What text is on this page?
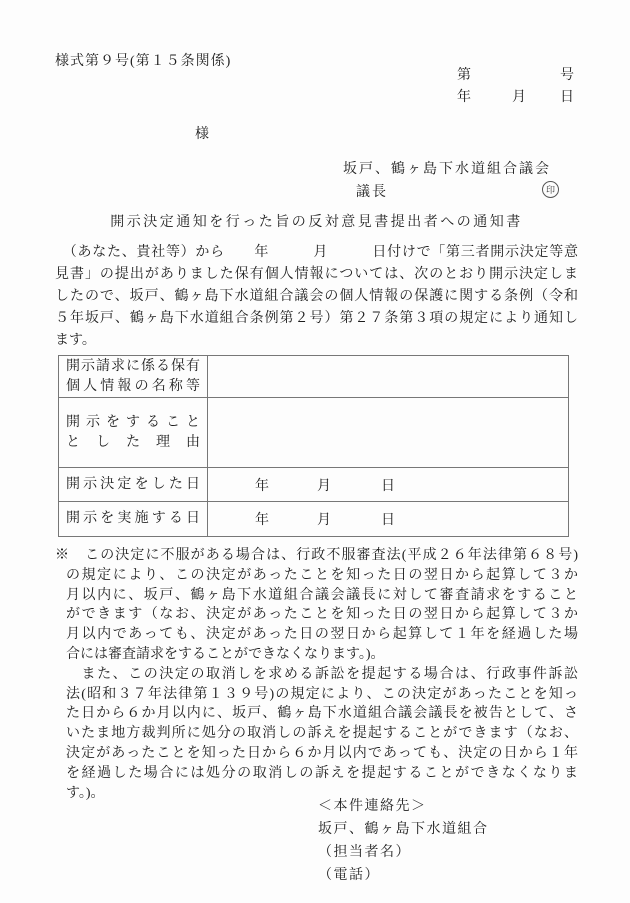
様式第９号(第１５条関係)
第	号
年	月 日
様
坂戸、鶴ヶ島下水道組合議会
議長	印
開示決定通知を行った旨の反対意見書提出者への通知書
　（あなた、貴社等）から　　年　　　月　　　日付けで「第三者開示決定等意
見書」の提出がありました保有個人情報については、次のとおり開示決定しま
したので、坂戸、鶴ヶ島下水道組合議会の個人情報の保護に関する条例（令和
５年坂戸、鶴ヶ島下水道組合条例第２号）第２７条第３項の規定により通知し
ます。
開示請求に係る保有
個人情報の名称等
開示をすること
とした理由
開示決定をした日	年	月	日
開示を実施する日	年	月	日
※　この決定に不服がある場合は、行政不服審査法(平成２６年法律第６８号)
の規定により、この決定があったことを知った日の翌日から起算して３か
月以内に、坂戸、鶴ヶ島下水道組合議会議長に対して審査請求をすること
ができます（なお、決定があったことを知った日の翌日から起算して３か
月以内であっても、決定があった日の翌日から起算して１年を経過した場
合には審査請求をすることができなくなります。)。
　また、この決定の取消しを求める訴訟を提起する場合は、行政事件訴訟
法(昭和３７年法律第１３９号)の規定により、この決定があったことを知っ
た日から６か月以内に、坂戸、鶴ヶ島下水道組合議会議長を被告として、さ
いたま地方裁判所に処分の取消しの訴えを提起することができます（なお、
決定があったことを知った日から６か月以内であっても、決定の日から１年
を経過した場合には処分の取消しの訴えを提起することができなくなりま
す。)。
＜本件連絡先＞
坂戸、鶴ヶ島下水道組合
（担当者名）
（電話）
